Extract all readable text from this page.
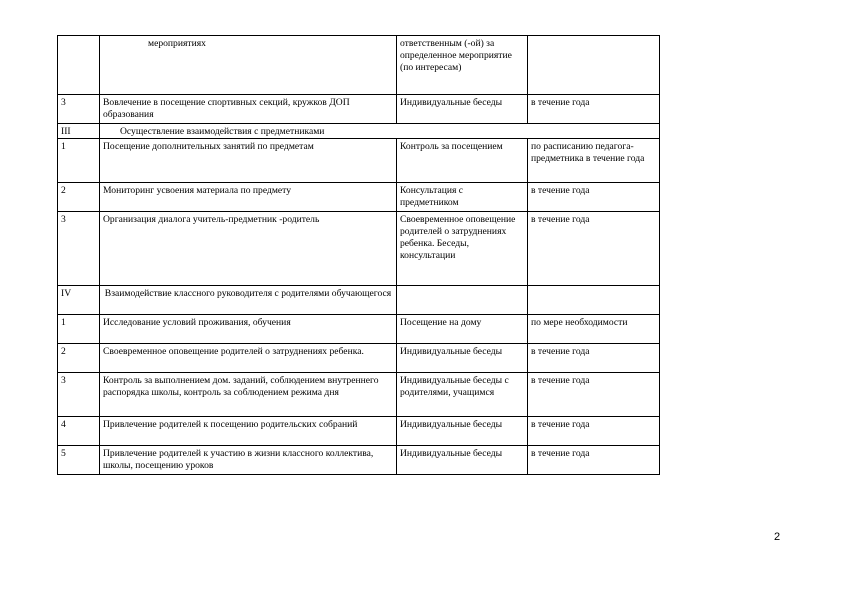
	мероприятиях	ответственным (-ой) за определенное мероприятие (по интересам)	
3	Вовлечение в посещение спортивных секций, кружков ДОП образования	Индивидуальные беседы	в течение года
III	Осуществление взаимодействия с предметниками		
1	Посещение дополнительных занятий по предметам	Контроль за посещением	по расписанию педагога-предметника в течение года
2	Мониторинг усвоения материала по предмету	Консультация с предметником	в течение года
3	Организация диалога учитель-предметник -родитель	Своевременное оповещение родителей о затруднениях ребенка. Беседы, консультации	в течение года
IV	Взаимодействие классного руководителя с родителями обучающегося		
1	Исследование условий проживания, обучения	Посещение на дому	по мере необходимости
2	Своевременное оповещение родителей о затруднениях ребенка.	Индивидуальные беседы	в течение года
3	Контроль за выполнением дом. заданий, соблюдением внутреннего распорядка школы, контроль за соблюдением режима дня	Индивидуальные беседы с родителями, учащимся	в течение года
4	Привлечение родителей к посещению родительских собраний	Индивидуальные беседы	в течение года
5	Привлечение родителей к участию в жизни классного коллектива, школы, посещению уроков	Индивидуальные беседы	в течение года
2
